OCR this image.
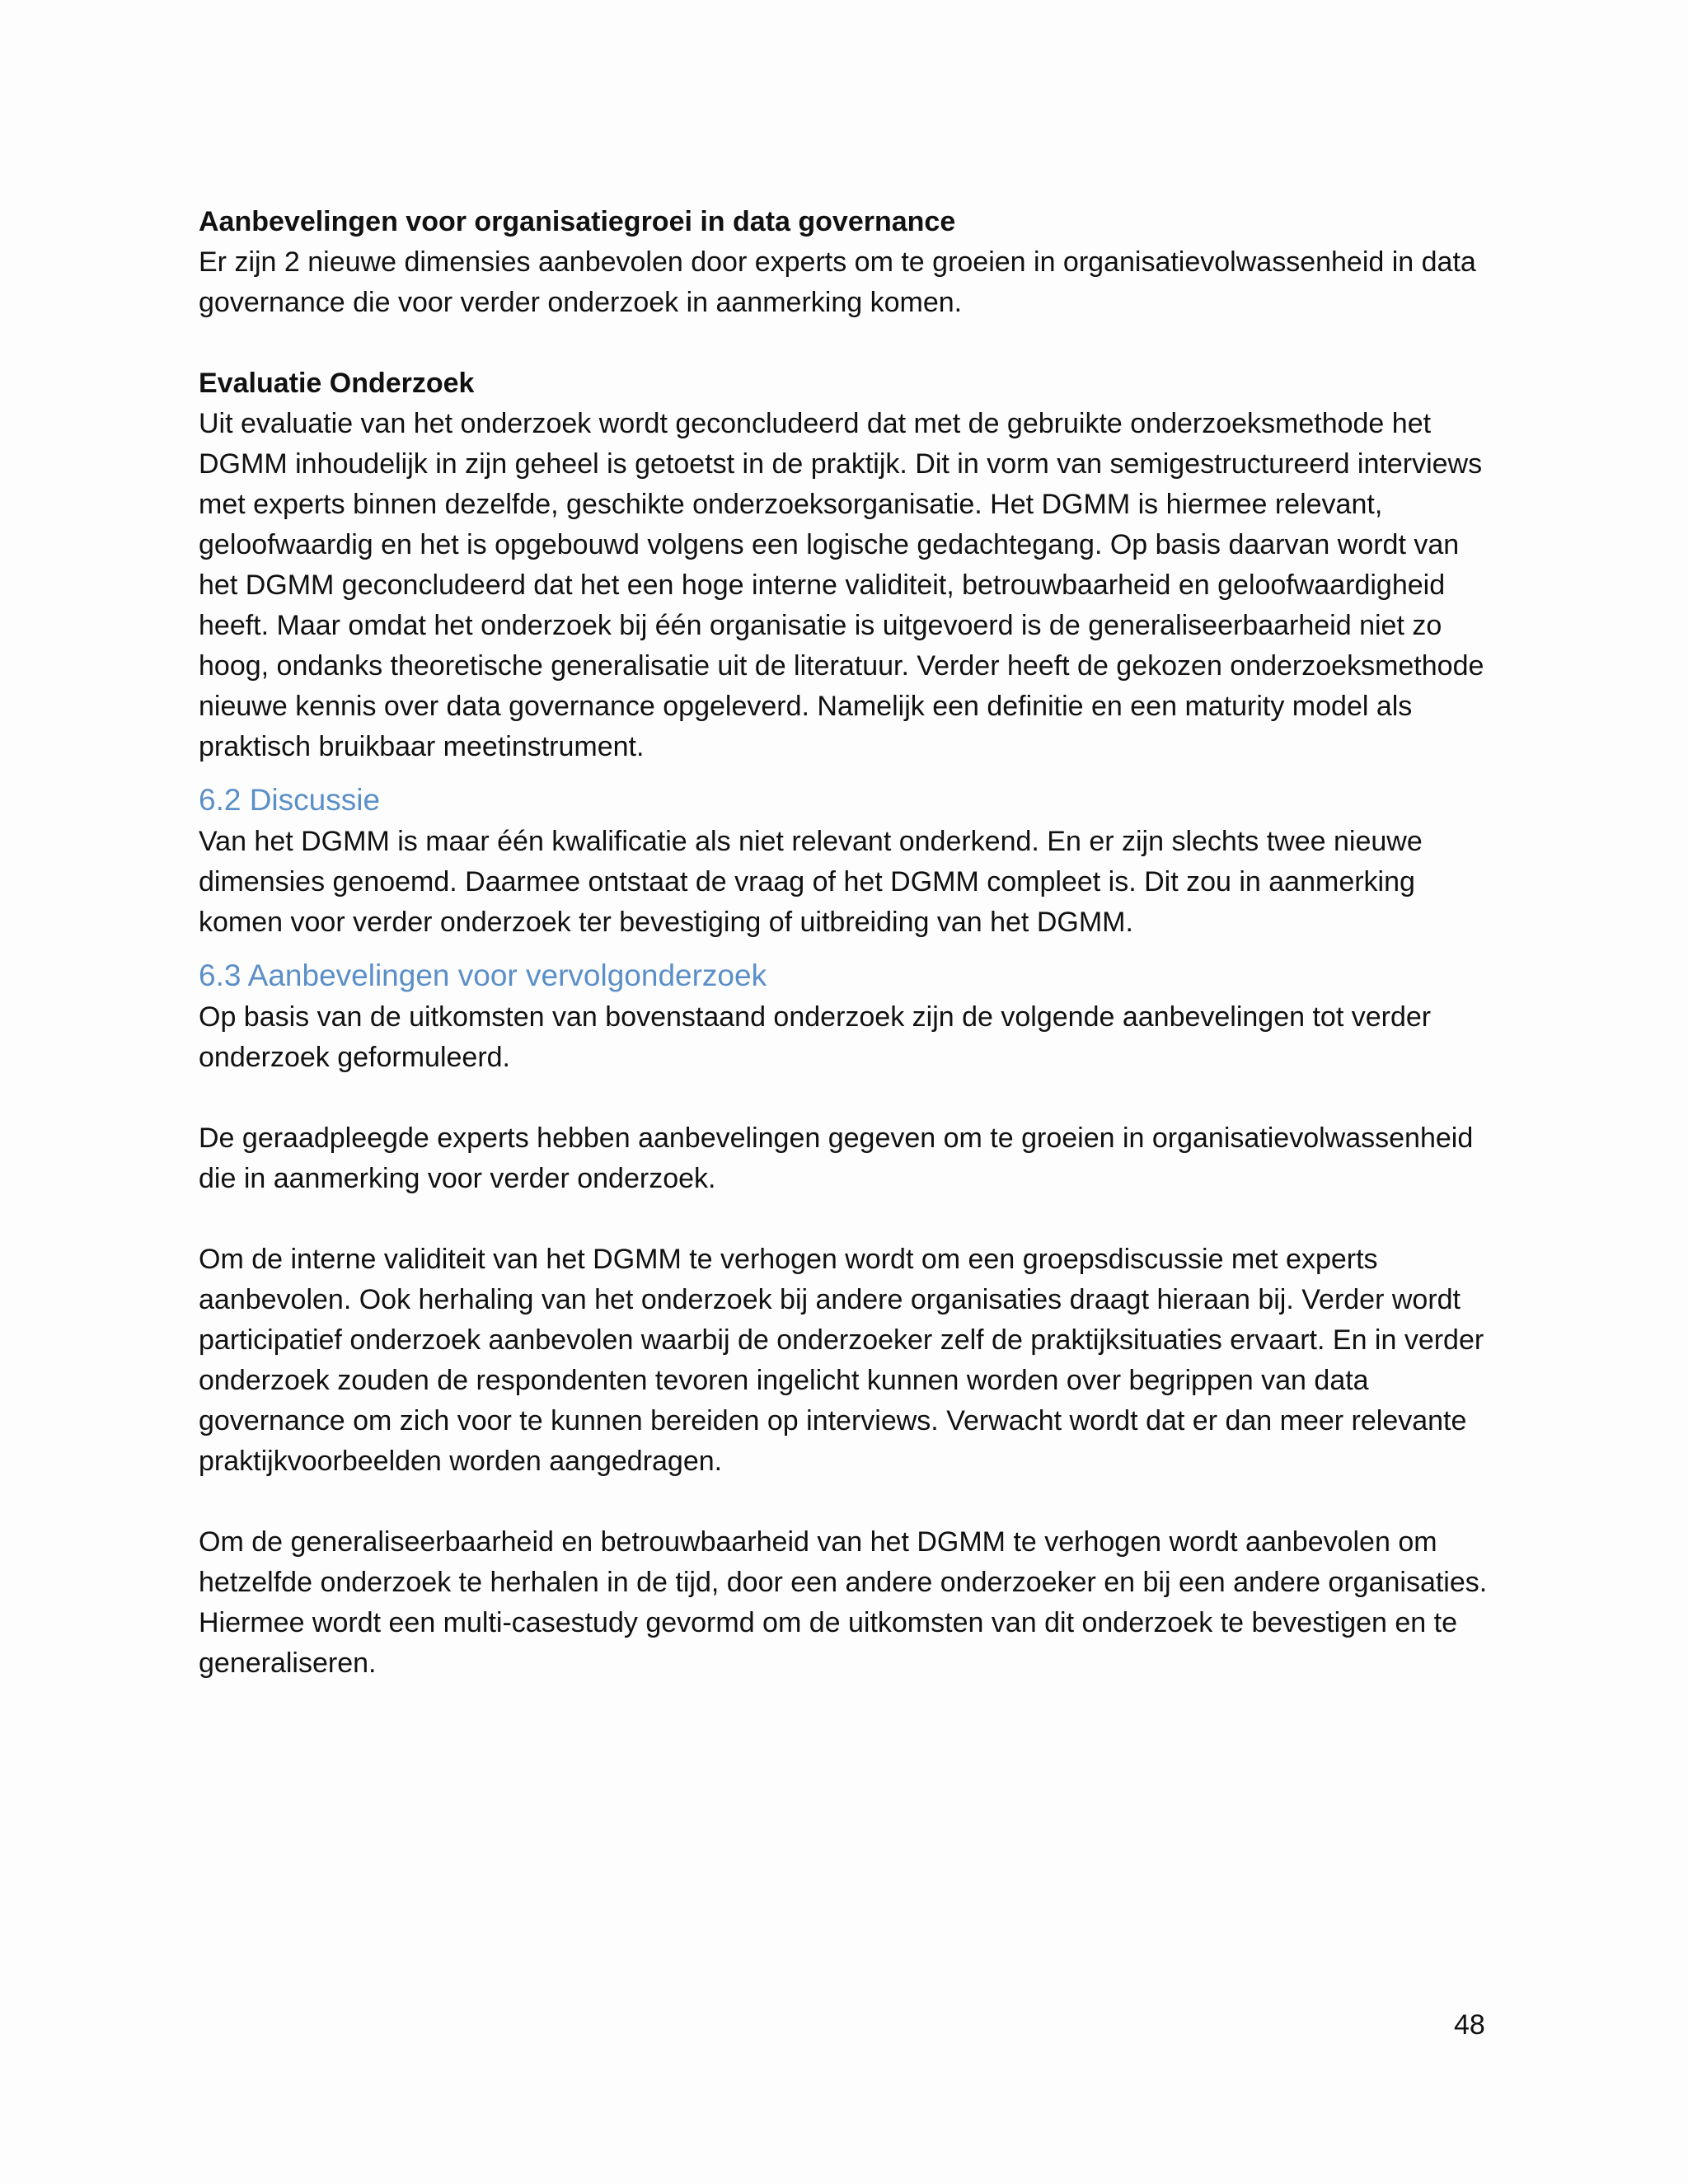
Aanbevelingen voor organisatiegroei in data governance

Er zijn 2 nieuwe dimensies aanbevolen door experts om te groeien in organisatievolwassenheid in data governance die voor verder onderzoek in aanmerking komen.

Evaluatie Onderzoek

Uit evaluatie van het onderzoek wordt geconcludeerd dat met de gebruikte onderzoeksmethode het DGMM inhoudelijk in zijn geheel is getoetst in de praktijk. Dit in vorm van semigestructureerd interviews met experts binnen dezelfde, geschikte onderzoeksorganisatie. Het DGMM is hiermee relevant, geloofwaardig en het is opgebouwd volgens een logische gedachtegang. Op basis daarvan wordt van het DGMM geconcludeerd dat het een hoge interne validiteit, betrouwbaarheid en geloofwaardigheid heeft. Maar omdat het onderzoek bij één organisatie is uitgevoerd is de generaliseerbaarheid niet zo hoog, ondanks theoretische generalisatie uit de literatuur. Verder heeft de gekozen onderzoeksmethode nieuwe kennis over data governance opgeleverd. Namelijk een definitie en een maturity model als praktisch bruikbaar meetinstrument.

6.2 Discussie

Van het DGMM is maar één kwalificatie als niet relevant onderkend. En er zijn slechts twee nieuwe dimensies genoemd. Daarmee ontstaat de vraag of het DGMM compleet is. Dit zou in aanmerking komen voor verder onderzoek ter bevestiging of uitbreiding van het DGMM.

6.3 Aanbevelingen voor vervolgonderzoek

Op basis van de uitkomsten van bovenstaand onderzoek zijn de volgende aanbevelingen tot verder onderzoek geformuleerd.

De geraadpleegde experts hebben aanbevelingen gegeven om te groeien in organisatievolwassenheid die in aanmerking voor verder onderzoek.

Om de interne validiteit van het DGMM te verhogen wordt om een groepsdiscussie met experts aanbevolen. Ook herhaling van het onderzoek bij andere organisaties draagt hieraan bij. Verder wordt participatief onderzoek aanbevolen waarbij de onderzoeker zelf de praktijksituaties ervaart. En in verder onderzoek zouden de respondenten tevoren ingelicht kunnen worden over begrippen van data governance om zich voor te kunnen bereiden op interviews. Verwacht wordt dat er dan meer relevante praktijkvoorbeelden worden aangedragen.

Om de generaliseerbaarheid en betrouwbaarheid van het DGMM te verhogen wordt aanbevolen om hetzelfde onderzoek te herhalen in de tijd, door een andere onderzoeker en bij een andere organisaties. Hiermee wordt een multi-casestudy gevormd om de uitkomsten van dit onderzoek te bevestigen en te generaliseren.

48
